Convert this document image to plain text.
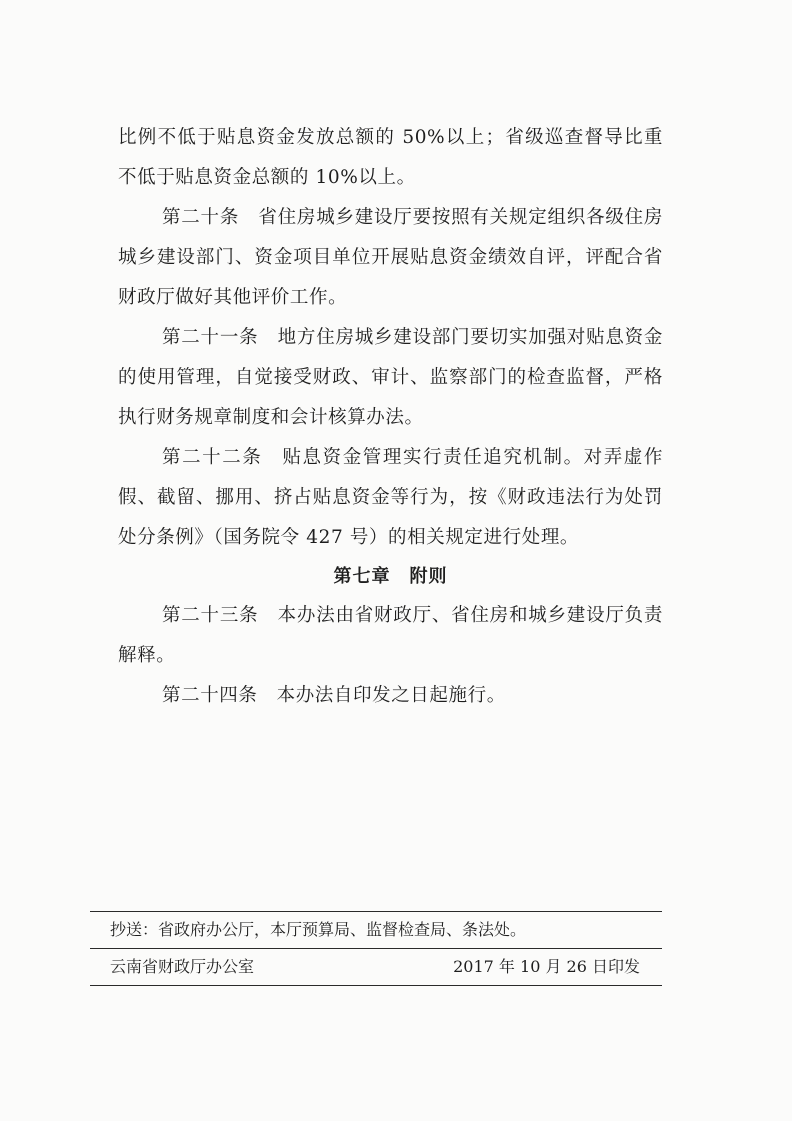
比例不低于贴息资金发放总额的 50%以上；省级巡查督导比重不低于贴息资金总额的 10%以上。

第二十条　省住房城乡建设厅要按照有关规定组织各级住房城乡建设部门、资金项目单位开展贴息资金绩效自评，评配合省财政厅做好其他评价工作。

第二十一条　地方住房城乡建设部门要切实加强对贴息资金的使用管理，自觉接受财政、审计、监察部门的检查监督，严格执行财务规章制度和会计核算办法。

第二十二条　贴息资金管理实行责任追究机制。对弄虚作假、截留、挪用、挤占贴息资金等行为，按《财政违法行为处罚处分条例》（国务院令 427 号）的相关规定进行处理。

第七章　附则

第二十三条　本办法由省财政厅、省住房和城乡建设厅负责解释。

第二十四条　本办法自印发之日起施行。

抄送：省政府办公厅，本厅预算局、监督检查局、条法处。

云南省财政厅办公室	2017 年 10 月 26 日印发
